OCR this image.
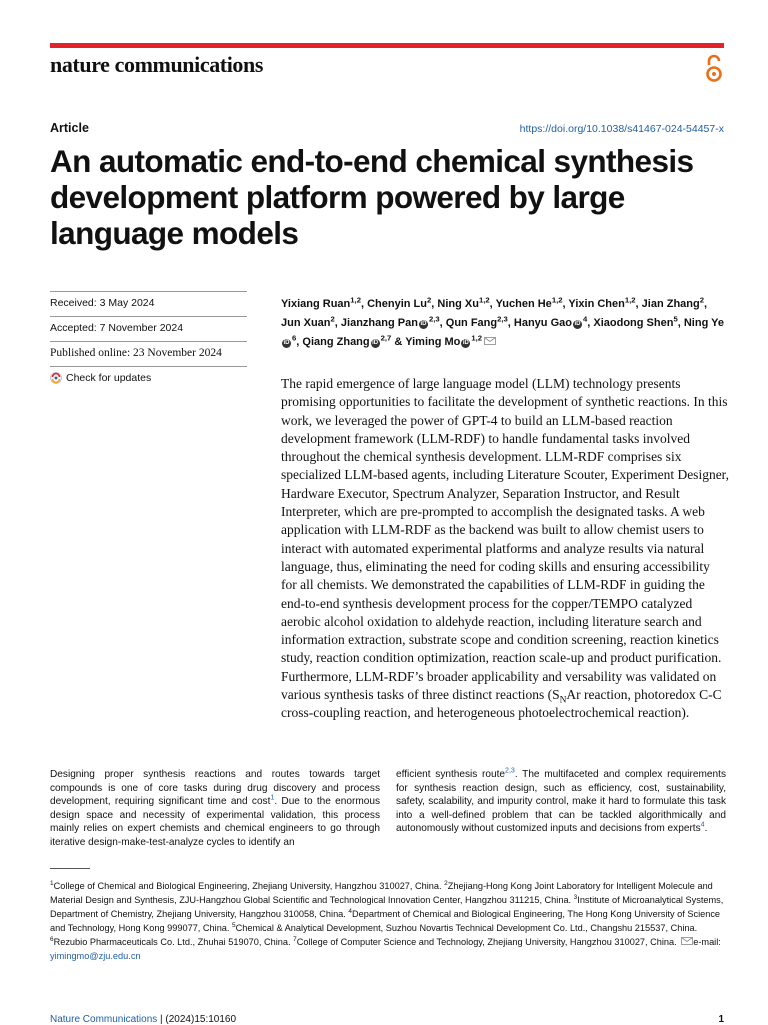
nature communications
Article	https://doi.org/10.1038/s41467-024-54457-x
An automatic end-to-end chemical synthesis development platform powered by large language models
Received: 3 May 2024
Accepted: 7 November 2024
Published online: 23 November 2024
Check for updates
Yixiang Ruan$^{1,2}$, Chenyin Lu$^2$, Ning Xu$^{1,2}$, Yuchen He$^{1,2}$, Yixin Chen$^{1,2}$, Jian Zhang$^2$, Jun Xuan$^2$, Jianzhang Pan iD$^{2,3}$, Qun Fang$^{2,3}$, Hanyu Gao $iD^4$, Xiaodong Shen$^5$, Ning YeiD$^6$, Qiang Zhang iD$^{2,7}$ & Yiming Mo iD$^{1,2}$
The rapid emergence of large language model (LLM) technology presents promising opportunities to facilitate the development of synthetic reactions. In this work, we leveraged the power of GPT-4 to build an LLM-based reaction development framework (LLM-RDF) to handle fundamental tasks involved throughout the chemical synthesis development. LLM-RDF comprises six specialized LLM-based agents, including Literature Scouter, Experiment Designer, Hardware Executor, Spectrum Analyzer, Separation Instructor, and Result Interpreter, which are pre-prompted to accomplish the designated tasks. A web application with LLM-RDF as the backend was built to allow chemist users to interact with automated experimental platforms and analyze results via natural language, thus, eliminating the need for coding skills and ensuring accessibility for all chemists. We demonstrated the capabilities of LLM-RDF in guiding the end-to-end synthesis development process for the copper/TEMPO catalyzed aerobic alcohol oxidation to aldehyde reaction, including literature search and information extraction, substrate scope and condition screening, reaction kinetics study, reaction condition optimization, reaction scale-up and product purification. Furthermore, LLM-RDF’s broader applicability and versability was validated on various synthesis tasks of three distinct reactions ($S_NAr$ reaction, photoredox C-C cross-coupling reaction, and heterogeneous photoelectrochemical reaction).

Designing proper synthesis reactions and routes towards target compounds is one of core tasks during drug discovery and process development, requiring significant time and cost$^1$. Due to the enormous design space and necessity of experimental validation, this process mainly relies on expert chemists and chemical engineers to go through iterative design-make-test-analyze cycles to identify an

efficient synthesis route$^{2,3}$. The multifaceted and complex requirements for synthesis reaction design, such as efficiency, cost, sustainability, safety, scalability, and impurity control, make it hard to formulate this task into a well-defined problem that can be tackled algorithmically and autonomously without customized inputs and decisions from experts$^4$.

$^1$College of Chemical and Biological Engineering, Zhejiang University, Hangzhou 310027, China. $^2$Zhejiang-Hong Kong Joint Laboratory for Intelligent Molecule and Material Design and Synthesis, ZJU-Hangzhou Global Scientific and Technological Innovation Center, Hangzhou 311215, China. $^3$Institute of Microanalytical Systems, Department of Chemistry, Zhejiang University, Hangzhou 310058, China. $^4$Department of Chemical and Biological Engineering, The Hong Kong University of Science and Technology, Hong Kong 999077, China. $^5$Chemical & Analytical Development, Suzhou Novartis Technical Development Co. Ltd., Changshu 215537, China. $^6$Rezubio Pharmaceuticals Co. Ltd., Zhuhai 519070, China. $^7$College of Computer Science and Technology, Zhejiang University, Hangzhou 310027, China. e-mail: yimingmo@zju.edu.cn
Nature Communications | (2024)15:10160	1
